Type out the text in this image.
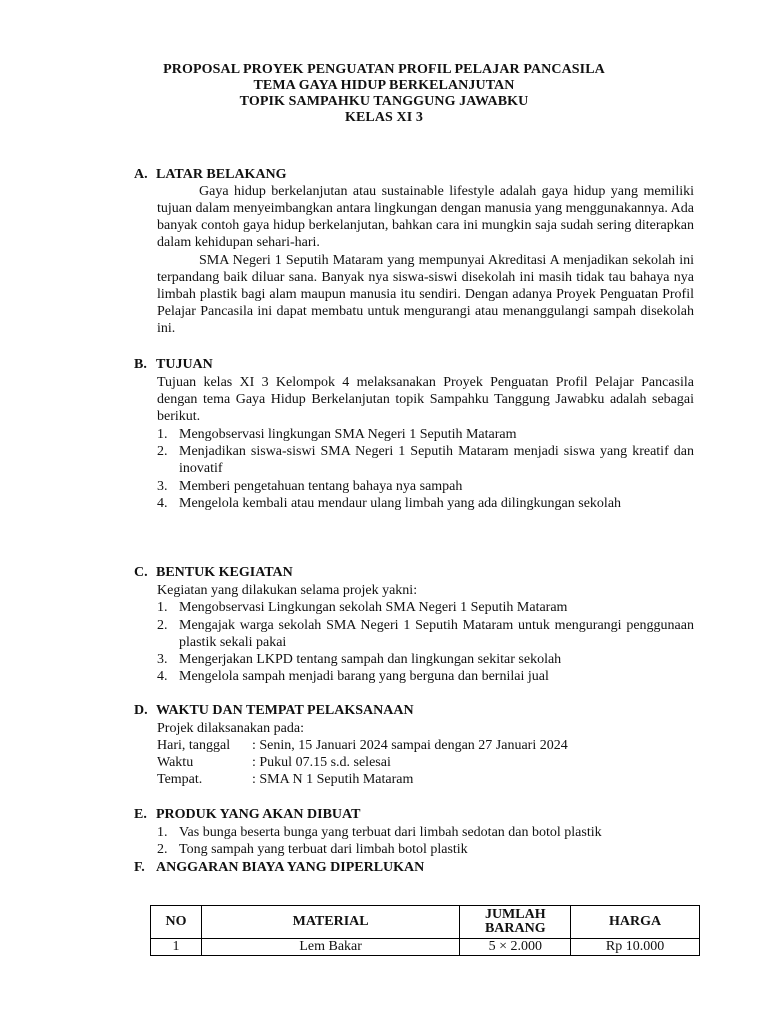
PROPOSAL PROYEK PENGUATAN PROFIL PELAJAR PANCASILA
TEMA GAYA HIDUP BERKELANJUTAN
TOPIK SAMPAHKU TANGGUNG JAWABKU
KELAS XI 3
A. LATAR BELAKANG
Gaya hidup berkelanjutan atau sustainable lifestyle adalah gaya hidup yang memiliki tujuan dalam menyeimbangkan antara lingkungan dengan manusia yang menggunakannya. Ada banyak contoh gaya hidup berkelanjutan, bahkan cara ini mungkin saja sudah sering diterapkan dalam kehidupan sehari-hari.
SMA Negeri 1 Seputih Mataram yang mempunyai Akreditasi A menjadikan sekolah ini terpandang baik diluar sana. Banyak nya siswa-siswi disekolah ini masih tidak tau bahaya nya limbah plastik bagi alam maupun manusia itu sendiri. Dengan adanya Proyek Penguatan Profil Pelajar Pancasila ini dapat membatu untuk mengurangi atau menanggulangi sampah disekolah ini.
B. TUJUAN
Tujuan kelas XI 3 Kelompok 4 melaksanakan Proyek Penguatan Profil Pelajar Pancasila dengan tema Gaya Hidup Berkelanjutan topik Sampahku Tanggung Jawabku adalah sebagai berikut.
1. Mengobservasi lingkungan SMA Negeri 1 Seputih Mataram
2. Menjadikan siswa-siswi SMA Negeri 1 Seputih Mataram menjadi siswa yang kreatif dan inovatif
3. Memberi pengetahuan tentang bahaya nya sampah
4. Mengelola kembali atau mendaur ulang limbah yang ada dilingkungan sekolah
C. BENTUK KEGIATAN
Kegiatan yang dilakukan selama projek yakni:
1. Mengobservasi Lingkungan sekolah SMA Negeri 1 Seputih Mataram
2. Mengajak warga sekolah SMA Negeri 1 Seputih Mataram untuk mengurangi penggunaan plastik sekali pakai
3. Mengerjakan LKPD tentang sampah dan lingkungan sekitar sekolah
4. Mengelola sampah menjadi barang yang berguna dan bernilai jual
D. WAKTU DAN TEMPAT PELAKSANAAN
Projek dilaksanakan pada:
Hari, tanggal : Senin, 15 Januari 2024 sampai dengan 27 Januari 2024
Waktu	: Pukul 07.15 s.d. selesai
Tempat.	: SMA N 1 Seputih Mataram
E. PRODUK YANG AKAN DIBUAT
1. Vas bunga beserta bunga yang terbuat dari limbah sedotan dan botol plastik
2. Tong sampah yang terbuat dari limbah botol plastik
F. ANGGARAN BIAYA YANG DIPERLUKAN
NO	MATERIAL	JUMLAH BARANG	HARGA
1	Lem Bakar	5 × 2.000	Rp 10.000
